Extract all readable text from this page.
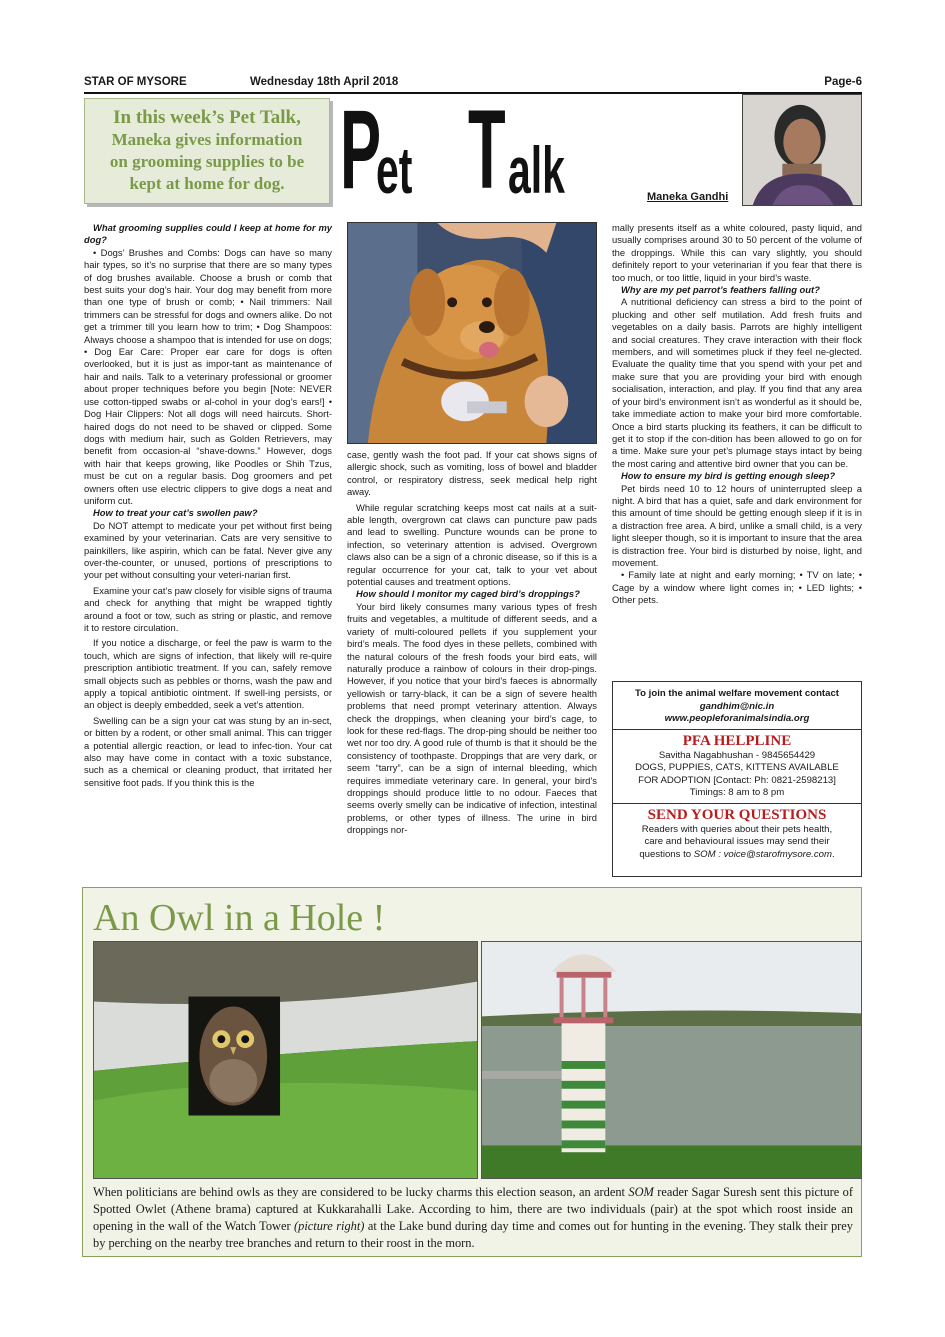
STAR OF MYSORE	Wednesday 18th April 2018	Page-6
In this week’s Pet Talk,
Maneka gives information
on grooming supplies to be
kept at home for dog. P
et T alk	Maneka Gandhi

What grooming supplies could I keep at home for my dog?

• Dogs’ Brushes and Combs: Dogs can have so many hair types, so it’s no surprise that there are so many types of dog brushes available. Choose a brush or comb that best suits your dog’s hair. Your dog may benefit from more than one type of brush or comb; • Nail trimmers: Nail trimmers can be stressful for dogs and owners alike. Do not get a trimmer till you learn how to trim; • Dog Shampoos: Always choose a shampoo that is intended for use on dogs; • Dog Ear Care: Proper ear care for dogs is often overlooked, but it is just as impor-tant as maintenance of hair and nails. Talk to a veterinary professional or groomer about proper techniques before you begin [Note: NEVER use cotton-tipped swabs or al-cohol in your dog’s ears!] • Dog Hair Clippers: Not all dogs will need haircuts. Short-haired dogs do not need to be shaved or clipped. Some dogs with medium hair, such as Golden Retrievers, may benefit from occasion-al “shave-downs.” However, dogs with hair that keeps growing, like Poodles or Shih Tzus, must be cut on a regular basis. Dog groomers and pet owners often use electric clippers to give dogs a neat and uniform cut.

How to treat your cat’s swollen paw?

Do NOT attempt to medicate your pet without first being examined by your veterinarian. Cats are very sensitive to painkillers, like aspirin, which can be fatal. Never give any over-the-counter, or unused, portions of prescriptions to your pet without consulting your veteri-narian first.

Examine your cat’s paw closely for visible signs of trauma and check for anything that might be wrapped tightly around a foot or tow, such as string or plastic, and remove it to restore circulation.

If you notice a discharge, or feel the paw is warm to the touch, which are signs of infection, that likely will re-quire prescription antibiotic treatment. If you can, safely remove small objects such as pebbles or thorns, wash the paw and apply a topical antibiotic ointment. If swell-ing persists, or an object is deeply embedded, seek a vet’s attention.

Swelling can be a sign your cat was stung by an in-sect, or bitten by a rodent, or other small animal. This can trigger a potential allergic reaction, or lead to infec-tion. Your cat also may have come in contact with a toxic substance, such as a chemical or cleaning product, that irritated her sensitive foot pads. If you think this is the

case, gently wash the foot pad. If your cat shows signs of allergic shock, such as vomiting, loss of bowel and bladder control, or respiratory distress, seek medical help right away.

While regular scratching keeps most cat nails at a suit-able length, overgrown cat claws can puncture paw pads and lead to swelling. Puncture wounds can be prone to infection, so veterinary attention is advised. Overgrown claws also can be a sign of a chronic disease, so if this is a regular occurrence for your cat, talk to your vet about potential causes and treatment options.

How should I monitor my caged bird’s droppings?

Your bird likely consumes many various types of fresh fruits and vegetables, a multitude of different seeds, and a variety of multi-coloured pellets if you supplement your bird’s meals. The food dyes in these pellets, combined with the natural colours of the fresh foods your bird eats, will naturally produce a rainbow of colours in their drop-pings. However, if you notice that your bird’s faeces is abnormally yellowish or tarry-black, it can be a sign of severe health problems that need prompt veterinary attention. Always check the droppings, when cleaning your bird’s cage, to look for these red-flags. The drop-ping should be neither too wet nor too dry. A good rule of thumb is that it should be the consistency of toothpaste. Droppings that are very dark, or seem “tarry”, can be a sign of internal bleeding, which requires immediate veterinary care. In general, your bird’s droppings should produce little to no odour. Faeces that seems overly smelly can be indicative of infection, intestinal problems, or other types of illness. The urine in bird droppings nor-

mally presents itself as a white coloured, pasty liquid, and usually comprises around 30 to 50 percent of the volume of the droppings. While this can vary slightly, you should definitely report to your veterinarian if you fear that there is too much, or too little, liquid in your bird’s waste.

Why are my pet parrot’s feathers falling out?

A nutritional deficiency can stress a bird to the point of plucking and other self mutilation. Add fresh fruits and vegetables on a daily basis. Parrots are highly intelligent and social creatures. They crave interaction with their flock members, and will sometimes pluck if they feel ne-glected. Evaluate the quality time that you spend with your pet and make sure that you are providing your bird with enough socialisation, interaction, and play. If you find that any area of your bird’s environment isn’t as wonderful as it should be, take immediate action to make your bird more comfortable. Once a bird starts plucking its feathers, it can be difficult to get it to stop if the con-dition has been allowed to go on for a time. Make sure your pet’s plumage stays intact by being the most caring and attentive bird owner that you can be.

How to ensure my bird is getting enough sleep?

Pet birds need 10 to 12 hours of uninterrupted sleep a night. A bird that has a quiet, safe and dark environment for this amount of time should be getting enough sleep if it is in a distraction free area. A bird, unlike a small child, is a very light sleeper though, so it is important to insure that the area is distraction free. Your bird is disturbed by noise, light, and movement.

• Family late at night and early morning; • TV on late; • Cage by a window where light comes in; • LED lights; • Other pets.

To join the animal welfare movement contact
gandhim@nic.in
www.peopleforanimalsindia.org
PFA HELPLINE
Savitha Nagabhushan - 9845654429
DOGS, PUPPIES, CATS, KITTENS AVAILABLE
FOR ADOPTION [Contact: Ph: 0821-2598213]
Timings: 8 am to 8 pm
SEND YOUR QUESTIONS
Readers with queries about their pets health,
care and behavioural issues may send their
questions to SOM : voice@starofmysore.com.
An Owl in a Hole !
When politicians are behind owls as they are considered to be lucky charms this election season, an ardent SOM reader Sagar Suresh sent this picture of Spotted Owlet (Athene brama) captured at Kukkarahalli Lake. According to him, there are two individuals (pair) at the spot which roost inside an opening in the wall of the Watch Tower (picture right) at the Lake bund during day time and comes out for hunting in the evening. They stalk their prey by perching on the nearby tree branches and return to their roost in the morn.
